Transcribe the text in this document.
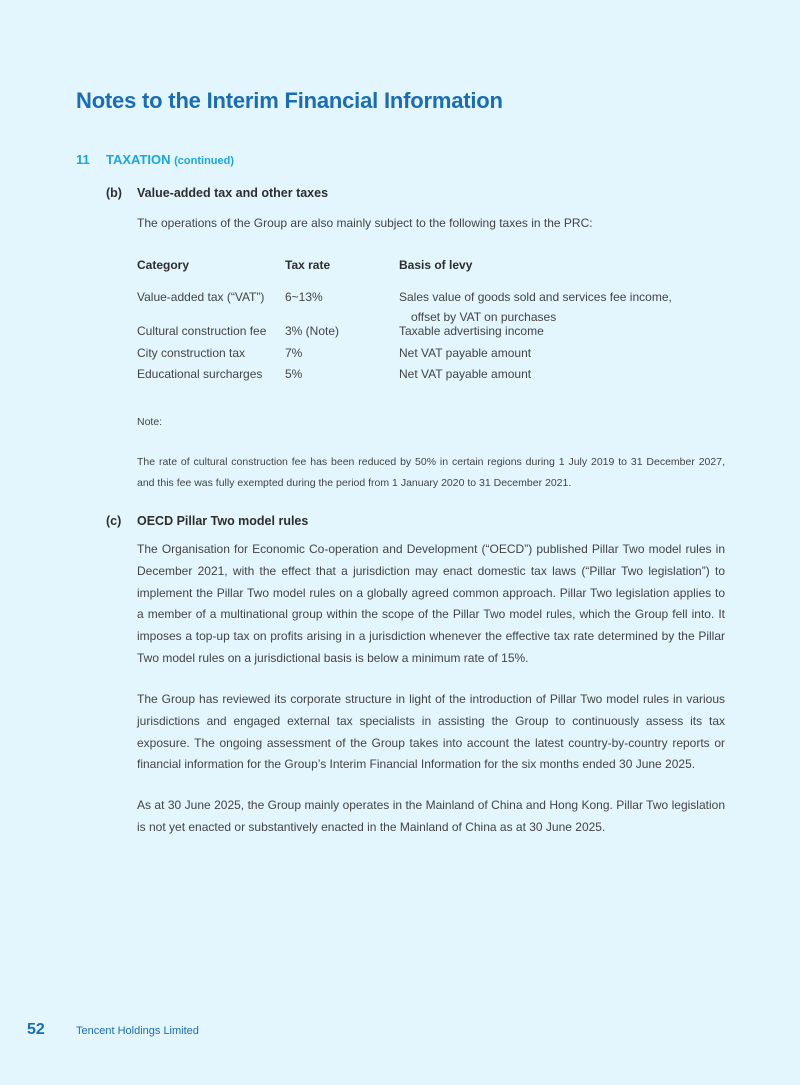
Notes to the Interim Financial Information
11 TAXATION (continued)
(b) Value-added tax and other taxes
The operations of the Group are also mainly subject to the following taxes in the PRC:
Category	Tax rate	Basis of levy
Value-added tax (“VAT”)	6~13%	Sales value of goods sold and services fee income,
offset by VAT on purchases

Cultural construction fee	3% (Note)	Taxable advertising income
City construction tax	7%	Net VAT payable amount
Educational surcharges	5%	Net VAT payable amount
Note:

The rate of cultural construction fee has been reduced by 50% in certain regions during 1 July 2019 to 31 December 2027, and this fee was fully exempted during the period from 1 January 2020 to 31 December 2021.

(c) OECD Pillar Two model rules

The Organisation for Economic Co-operation and Development (“OECD”) published Pillar Two model rules in December 2021, with the effect that a jurisdiction may enact domestic tax laws (“Pillar Two legislation”) to implement the Pillar Two model rules on a globally agreed common approach. Pillar Two legislation applies to a member of a multinational group within the scope of the Pillar Two model rules, which the Group fell into. It imposes a top-up tax on profits arising in a jurisdiction whenever the effective tax rate determined by the Pillar Two model rules on a jurisdictional basis is below a minimum rate of 15%.

The Group has reviewed its corporate structure in light of the introduction of Pillar Two model rules in various jurisdictions and engaged external tax specialists in assisting the Group to continuously assess its tax exposure. The ongoing assessment of the Group takes into account the latest country-by-country reports or financial information for the Group’s Interim Financial Information for the six months ended 30 June 2025.

As at 30 June 2025, the Group mainly operates in the Mainland of China and Hong Kong. Pillar Two legislation is not yet enacted or substantively enacted in the Mainland of China as at 30 June 2025.

52	Tencent Holdings Limited
